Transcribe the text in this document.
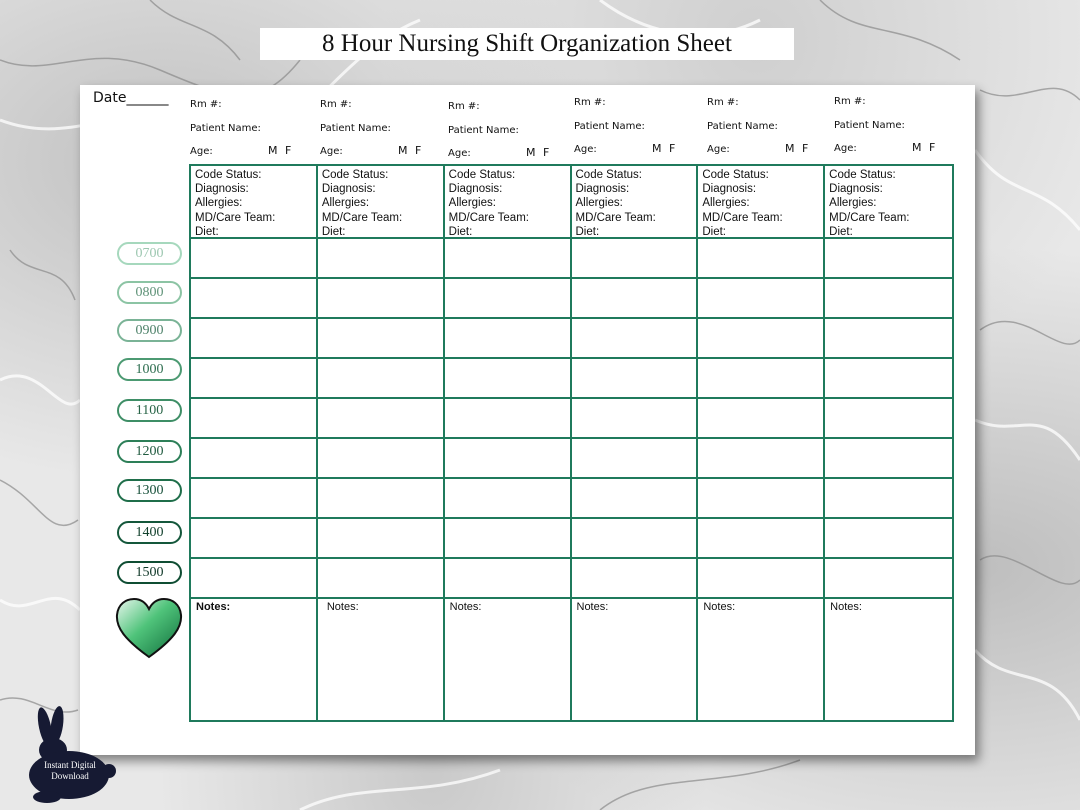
8 Hour Nursing Shift Organization Sheet
Date______ Rm #:
Patient Name:
Age:	M F
Rm #:
Patient Name:
Age:	M F
Rm #:
Patient Name:
Age:	M F
Rm #:
Patient Name:
Age:	M F
Rm #:
Patient Name:
Age:	M F
Rm #:
Patient Name:
Age:	M F
Code Status:
Diagnosis:
Allergies:
MD/Care Team:
Diet:
Code Status:
Diagnosis:
Allergies:
MD/Care Team:
Diet:
Code Status:
Diagnosis:
Allergies:
MD/Care Team:
Diet:
Code Status:
Diagnosis:
Allergies:
MD/Care Team:
Diet:
Code Status:
Diagnosis:
Allergies:
MD/Care Team:
Diet:
Code Status:
Diagnosis:
Allergies:
MD/Care Team:
Diet:
Notes:	Notes:	Notes:	Notes:	Notes:	Notes:
0700
0800
0900
1000
1100
1200
1300
1400
1500
Instant Digital
Download
